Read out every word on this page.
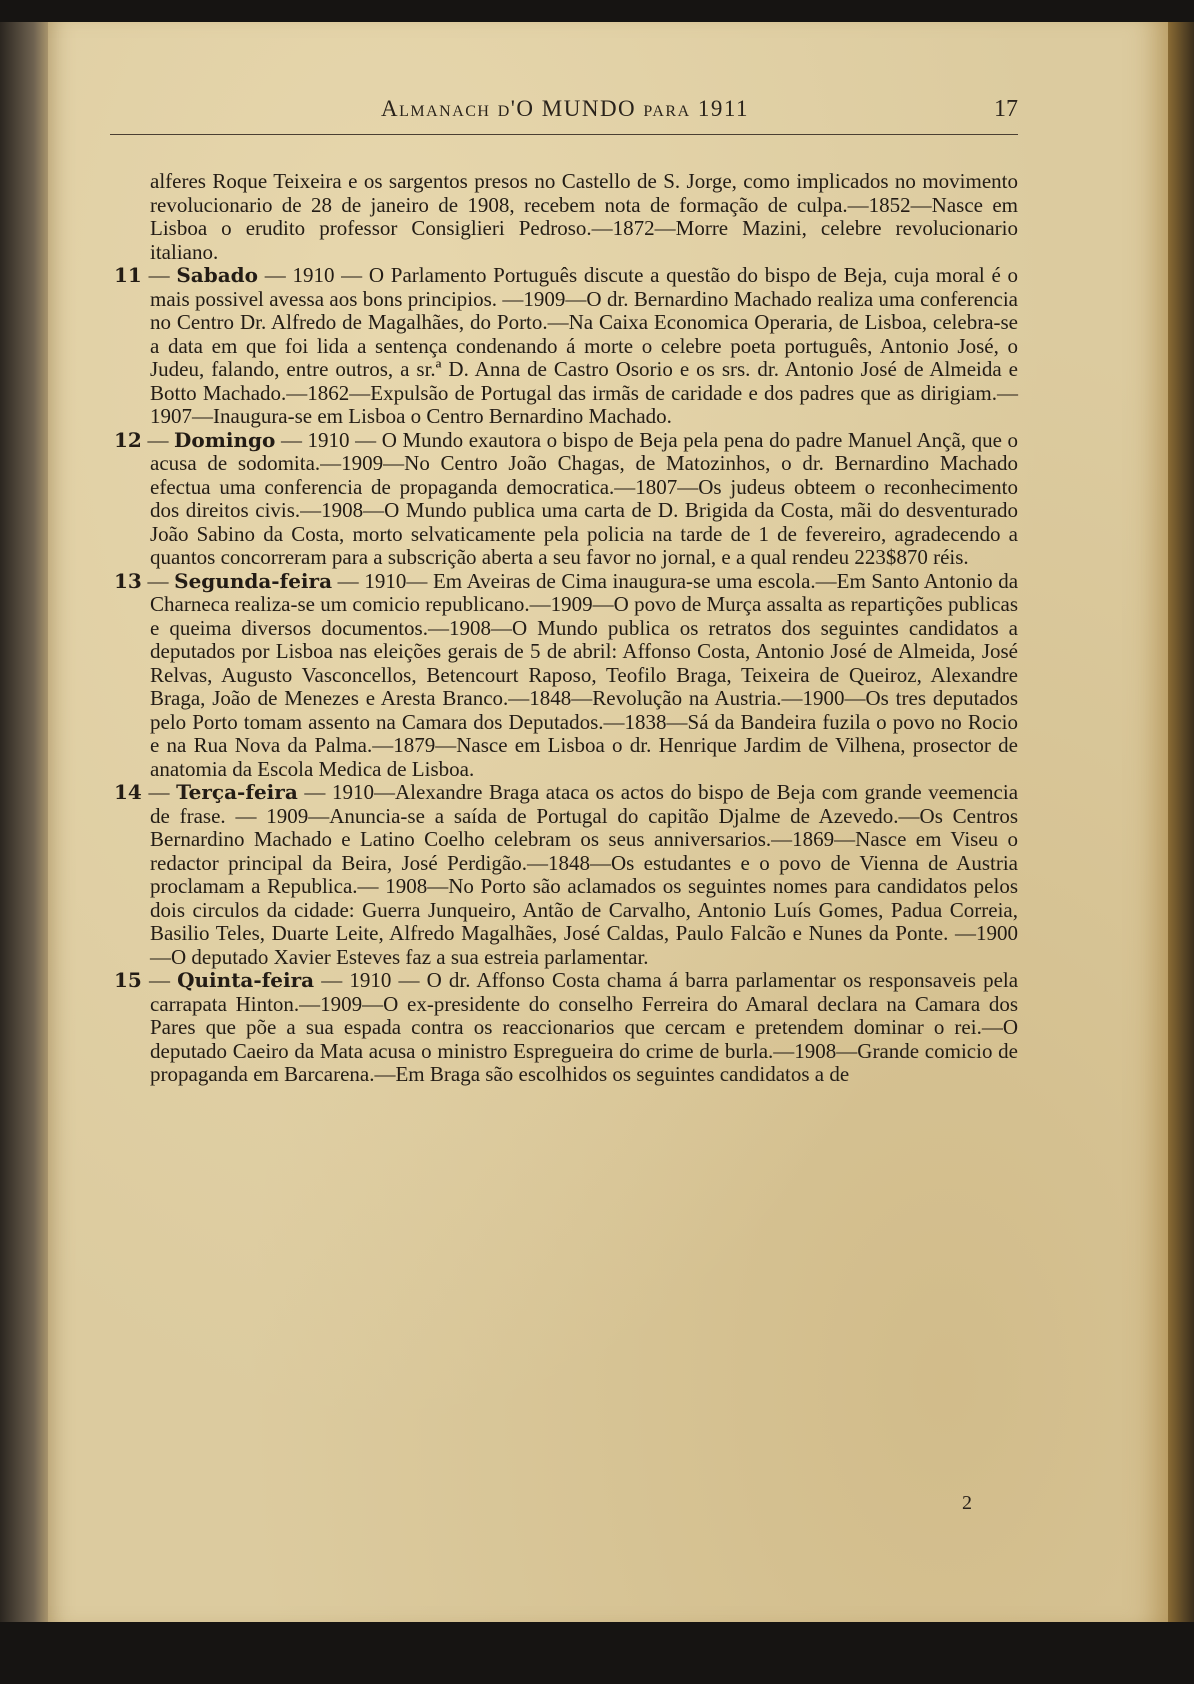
Almanach d'O MUNDO para 1911	17

alferes Roque Teixeira e os sargentos presos no Castello de S. Jorge, como implicados no movimento revolucionario de 28 de janeiro de 1908, recebem nota de formação de culpa.—1852—Nasce em Lisboa o erudito professor Consiglieri Pedroso.—1872—Morre Mazini, celebre revolucionario italiano.

11 — Sabado — 1910 — O Parlamento Português discute a questão do bispo de Beja, cuja moral é o mais possivel avessa aos bons principios. —1909—O dr. Bernardino Machado realiza uma conferencia no Centro Dr. Alfredo de Magalhães, do Porto.—Na Caixa Economica Operaria, de Lisboa, celebra-se a data em que foi lida a sentença condenando á morte o celebre poeta português, Antonio José, o Judeu, falando, entre outros, a sr.ª D. Anna de Castro Osorio e os srs. dr. Antonio José de Almeida e Botto Machado.—1862—Expulsão de Portugal das irmãs de caridade e dos padres que as dirigiam.—1907—Inaugura-se em Lisboa o Centro Bernardino Machado.

12 — Domingo — 1910 — O Mundo exautora o bispo de Beja pela pena do padre Manuel Ançã, que o acusa de sodomita.—1909—No Centro João Chagas, de Matozinhos, o dr. Bernardino Machado efectua uma conferencia de propaganda democratica.—1807—Os judeus obteem o reconhecimento dos direitos civis.—1908—O Mundo publica uma carta de D. Brigida da Costa, mãi do desventurado João Sabino da Costa, morto selvaticamente pela policia na tarde de 1 de fevereiro, agradecendo a quantos concorreram para a subscrição aberta a seu favor no jornal, e a qual rendeu 223$870 réis.

13 — Segunda-feira — 1910— Em Aveiras de Cima inaugura-se uma escola.—Em Santo Antonio da Charneca realiza-se um comicio republicano.—1909—O povo de Murça assalta as repartições publicas e queima diversos documentos.—1908—O Mundo publica os retratos dos seguintes candidatos a deputados por Lisboa nas eleições gerais de 5 de abril: Affonso Costa, Antonio José de Almeida, José Relvas, Augusto Vasconcellos, Betencourt Raposo, Teofilo Braga, Teixeira de Queiroz, Alexandre Braga, João de Menezes e Aresta Branco.—1848—Revolução na Austria.—1900—Os tres deputados pelo Porto tomam assento na Camara dos Deputados.—1838—Sá da Bandeira fuzila o povo no Rocio e na Rua Nova da Palma.—1879—Nasce em Lisboa o dr. Henrique Jardim de Vilhena, prosector de anatomia da Escola Medica de Lisboa.

14 — Terça-feira — 1910—Alexandre Braga ataca os actos do bispo de Beja com grande veemencia de frase. — 1909—Anuncia-se a saída de Portugal do capitão Djalme de Azevedo.—Os Centros Bernardino Machado e Latino Coelho celebram os seus anniversarios.—1869—Nasce em Viseu o redactor principal da Beira, José Perdigão.—1848—Os estudantes e o povo de Vienna de Austria proclamam a Republica.— 1908—No Porto são aclamados os seguintes nomes para candidatos pelos dois circulos da cidade: Guerra Junqueiro, Antão de Carvalho, Antonio Luís Gomes, Padua Correia, Basilio Teles, Duarte Leite, Alfredo Magalhães, José Caldas, Paulo Falcão e Nunes da Ponte. —1900—O deputado Xavier Esteves faz a sua estreia parlamentar.

15 — Quinta-feira — 1910 — O dr. Affonso Costa chama á barra parlamentar os responsaveis pela carrapata Hinton.—1909—O ex-presidente do conselho Ferreira do Amaral declara na Camara dos Pares que põe a sua espada contra os reaccionarios que cercam e pretendem dominar o rei.—O deputado Caeiro da Mata acusa o ministro Espregueira do crime de burla.—1908—Grande comicio de propaganda em Barcarena.—Em Braga são escolhidos os seguintes candidatos a de

2
